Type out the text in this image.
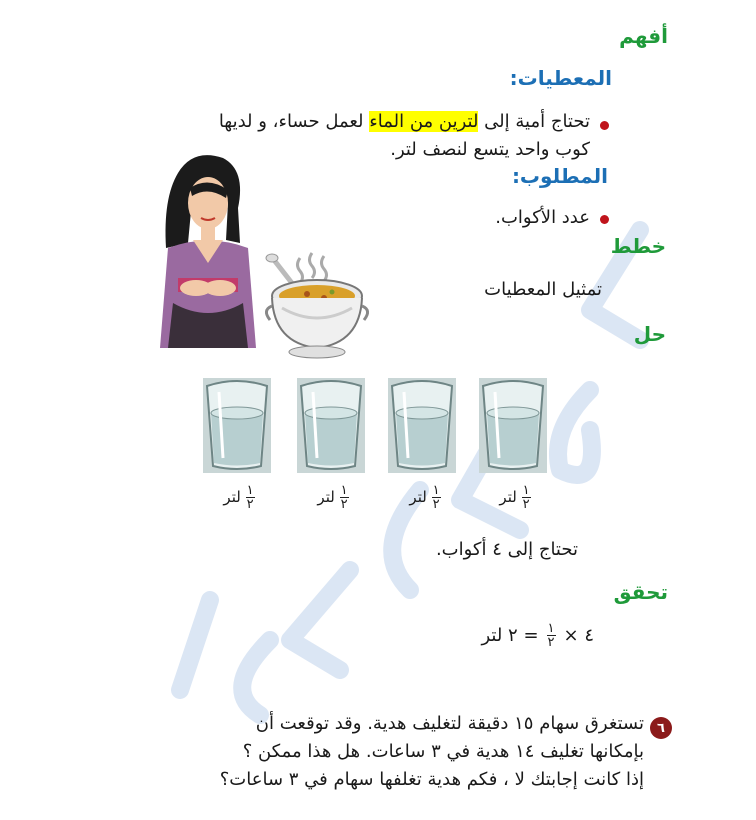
أفهم
المعطيات:
تحتاج أمية إلى لترين من الماء لعمل حساء، و لديها
كوب واحد يتسع لنصف لتر.
المطلوب:
عدد الأكواب.
خطط
تمثيل المعطيات
حل
$\frac{١}{٢}$
لتر	$\frac{١}{٢}$
لتر	$\frac{١}{٢}$
لتر	$\frac{١}{٢}$
لتر
تحتاج إلى ٤ أكواب.
تحقق
٤ ×
$\frac{١}{٢}$
= ٢ لتر
٦
تستغرق سهام ١٥ دقيقة لتغليف هدية. وقد توقعت أن
بإمكانها تغليف ١٤ هدية في ٣ ساعات. هل هذا ممكن ؟
إذا كانت إجابتك لا ، فكم هدية تغلفها سهام في ٣ ساعات؟
